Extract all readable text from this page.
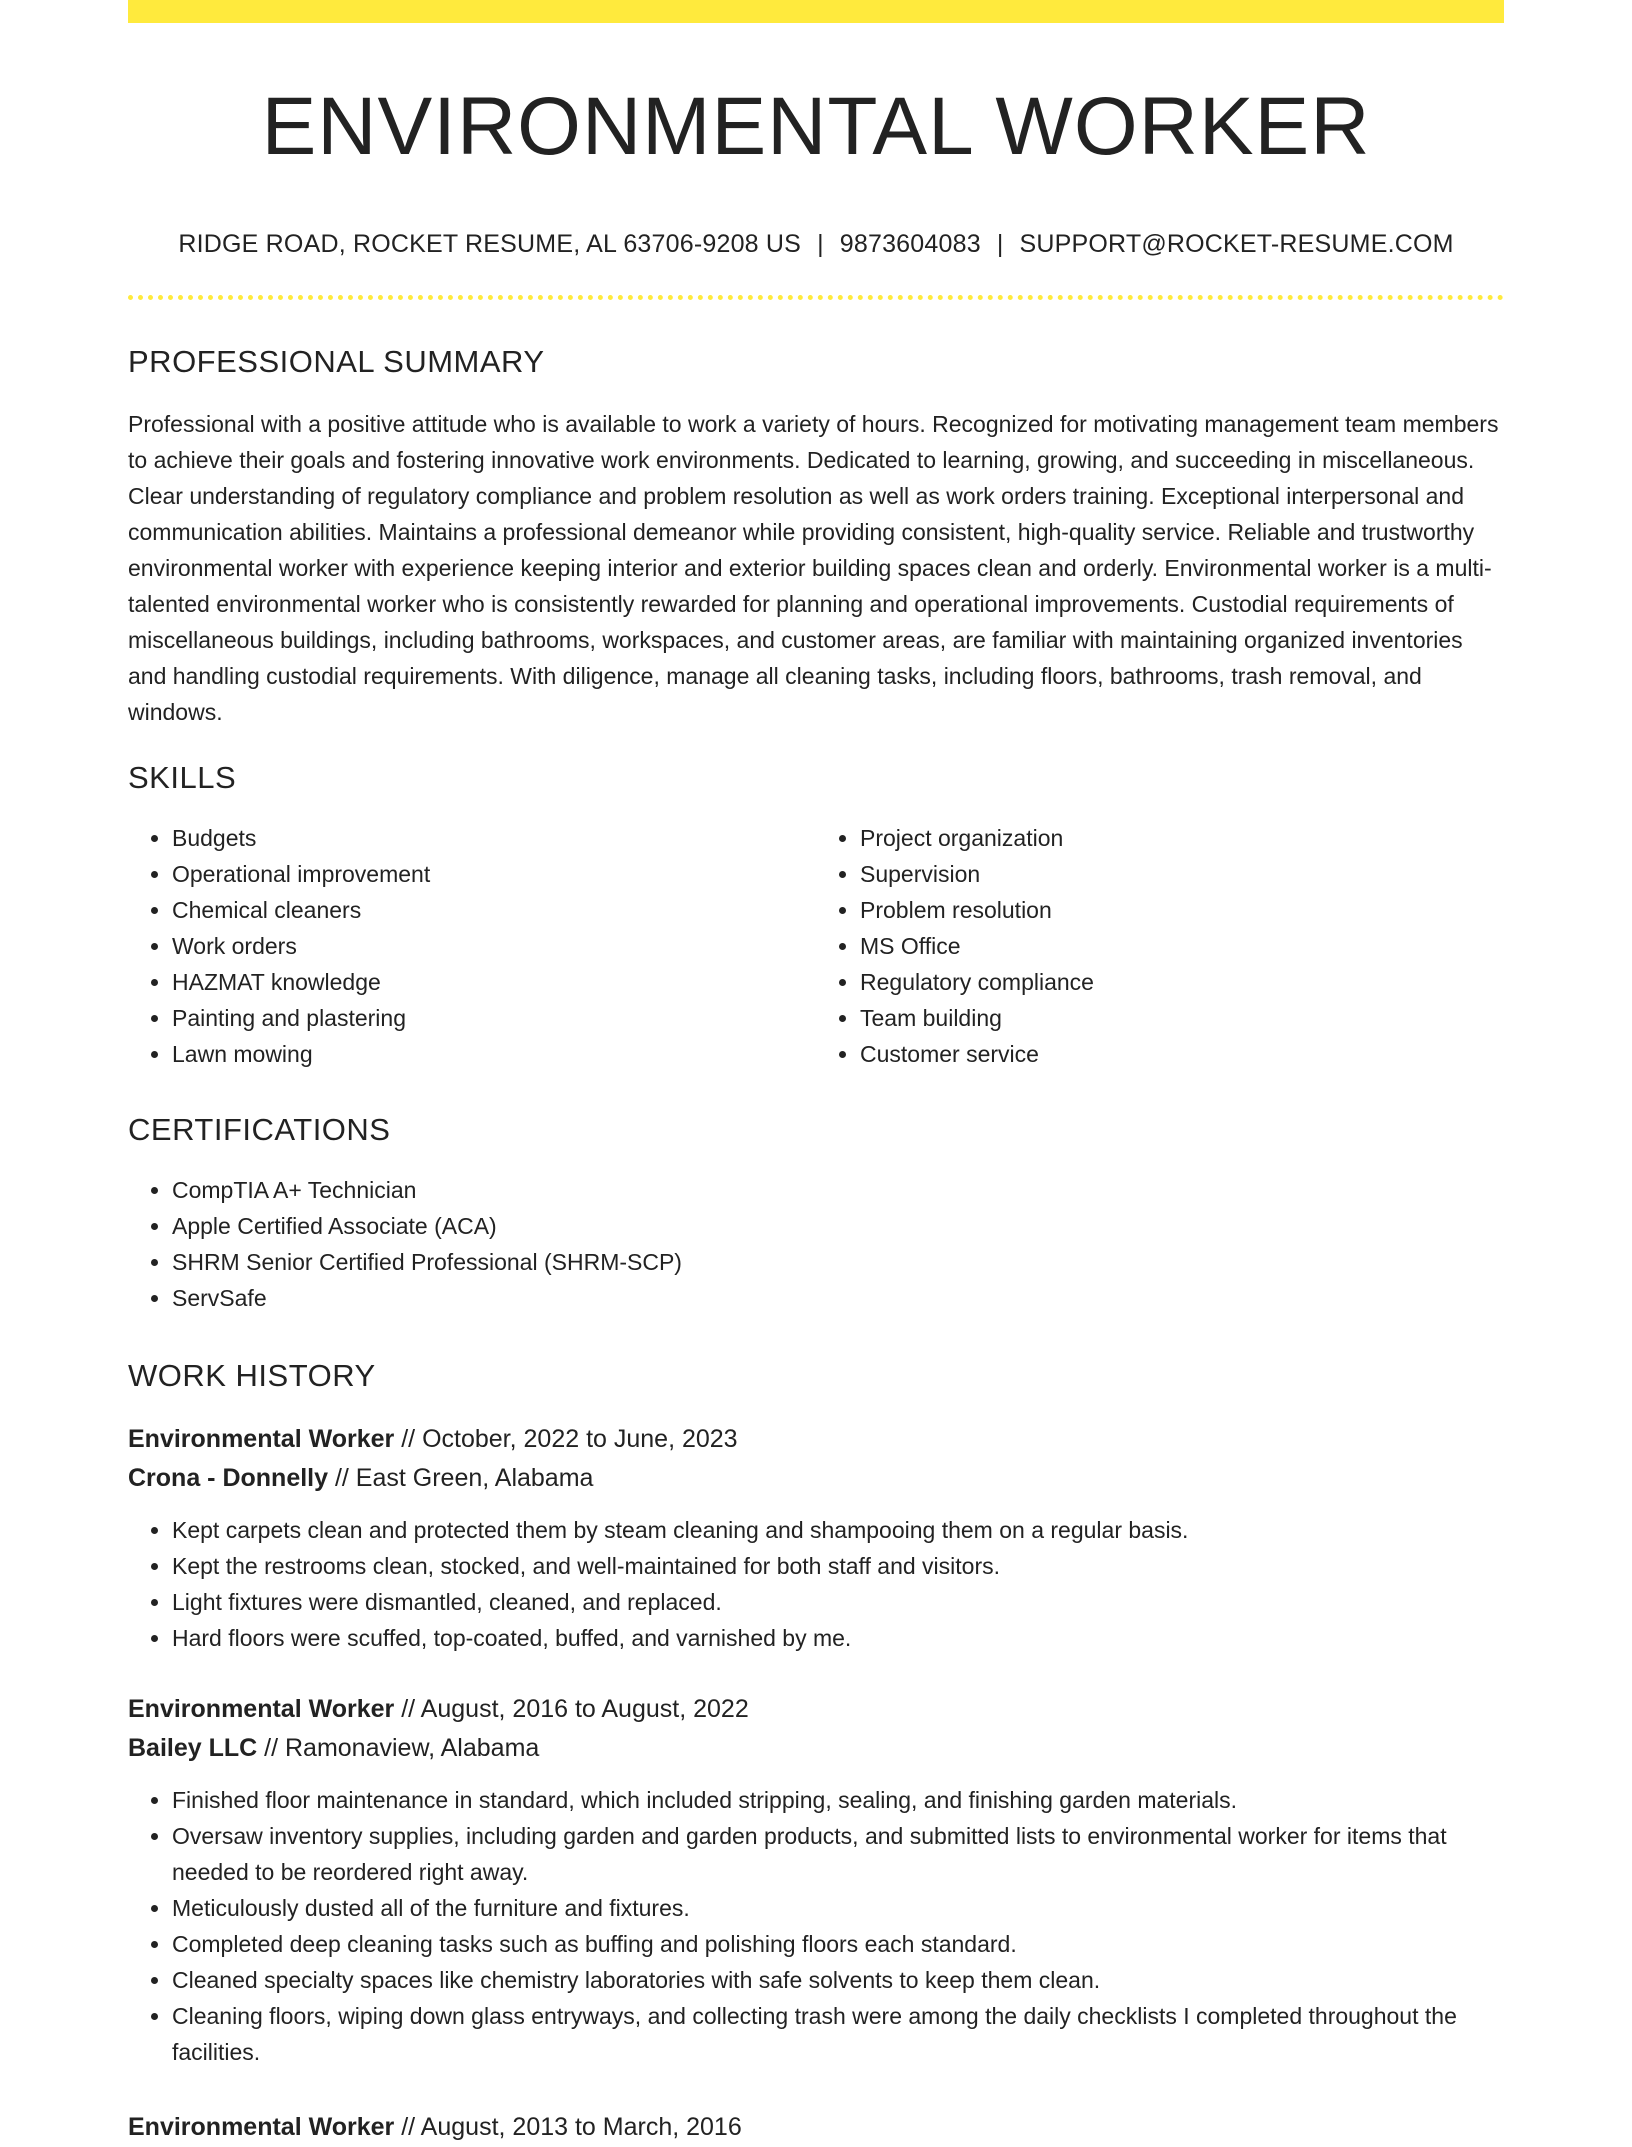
ENVIRONMENTAL WORKER
RIDGE ROAD, ROCKET RESUME, AL 63706-9208 US | 9873604083 | SUPPORT@ROCKET-RESUME.COM
PROFESSIONAL SUMMARY

Professional with a positive attitude who is available to work a variety of hours. Recognized for motivating management team members to achieve their goals and fostering innovative work environments. Dedicated to learning, growing, and succeeding in miscellaneous. Clear understanding of regulatory compliance and problem resolution as well as work orders training. Exceptional interpersonal and communication abilities. Maintains a professional demeanor while providing consistent, high-quality service. Reliable and trustworthy environmental worker with experience keeping interior and exterior building spaces clean and orderly. Environmental worker is a multi-talented environmental worker who is consistently rewarded for planning and operational improvements. Custodial requirements of miscellaneous buildings, including bathrooms, workspaces, and customer areas, are familiar with maintaining organized inventories and handling custodial requirements. With diligence, manage all cleaning tasks, including floors, bathrooms, trash removal, and windows.

SKILLS
• Budgets
• Operational improvement
• Chemical cleaners
• Work orders
• HAZMAT knowledge
• Painting and plastering
• Lawn mowing
• Project organization
• Supervision
• Problem resolution
• MS Office
• Regulatory compliance
• Team building
• Customer service
CERTIFICATIONS
• CompTIA A+ Technician
• Apple Certified Associate (ACA)
• SHRM Senior Certified Professional (SHRM-SCP)
• ServSafe
WORK HISTORY
Environmental Worker // October, 2022 to June, 2023
Crona - Donnelly // East Green, Alabama
• Kept carpets clean and protected them by steam cleaning and shampooing them on a regular basis.
• Kept the restrooms clean, stocked, and well-maintained for both staff and visitors.
• Light fixtures were dismantled, cleaned, and replaced.
• Hard floors were scuffed, top-coated, buffed, and varnished by me.
Environmental Worker // August, 2016 to August, 2022
Bailey LLC // Ramonaview, Alabama
• Finished floor maintenance in standard, which included stripping, sealing, and finishing garden materials.
• Oversaw inventory supplies, including garden and garden products, and submitted lists to environmental worker for items that needed to be reordered right away.
• Meticulously dusted all of the furniture and fixtures.
• Completed deep cleaning tasks such as buffing and polishing floors each standard.
• Cleaned specialty spaces like chemistry laboratories with safe solvents to keep them clean.
• Cleaning floors, wiping down glass entryways, and collecting trash were among the daily checklists I completed throughout the facilities.
Environmental Worker // August, 2013 to March, 2016
